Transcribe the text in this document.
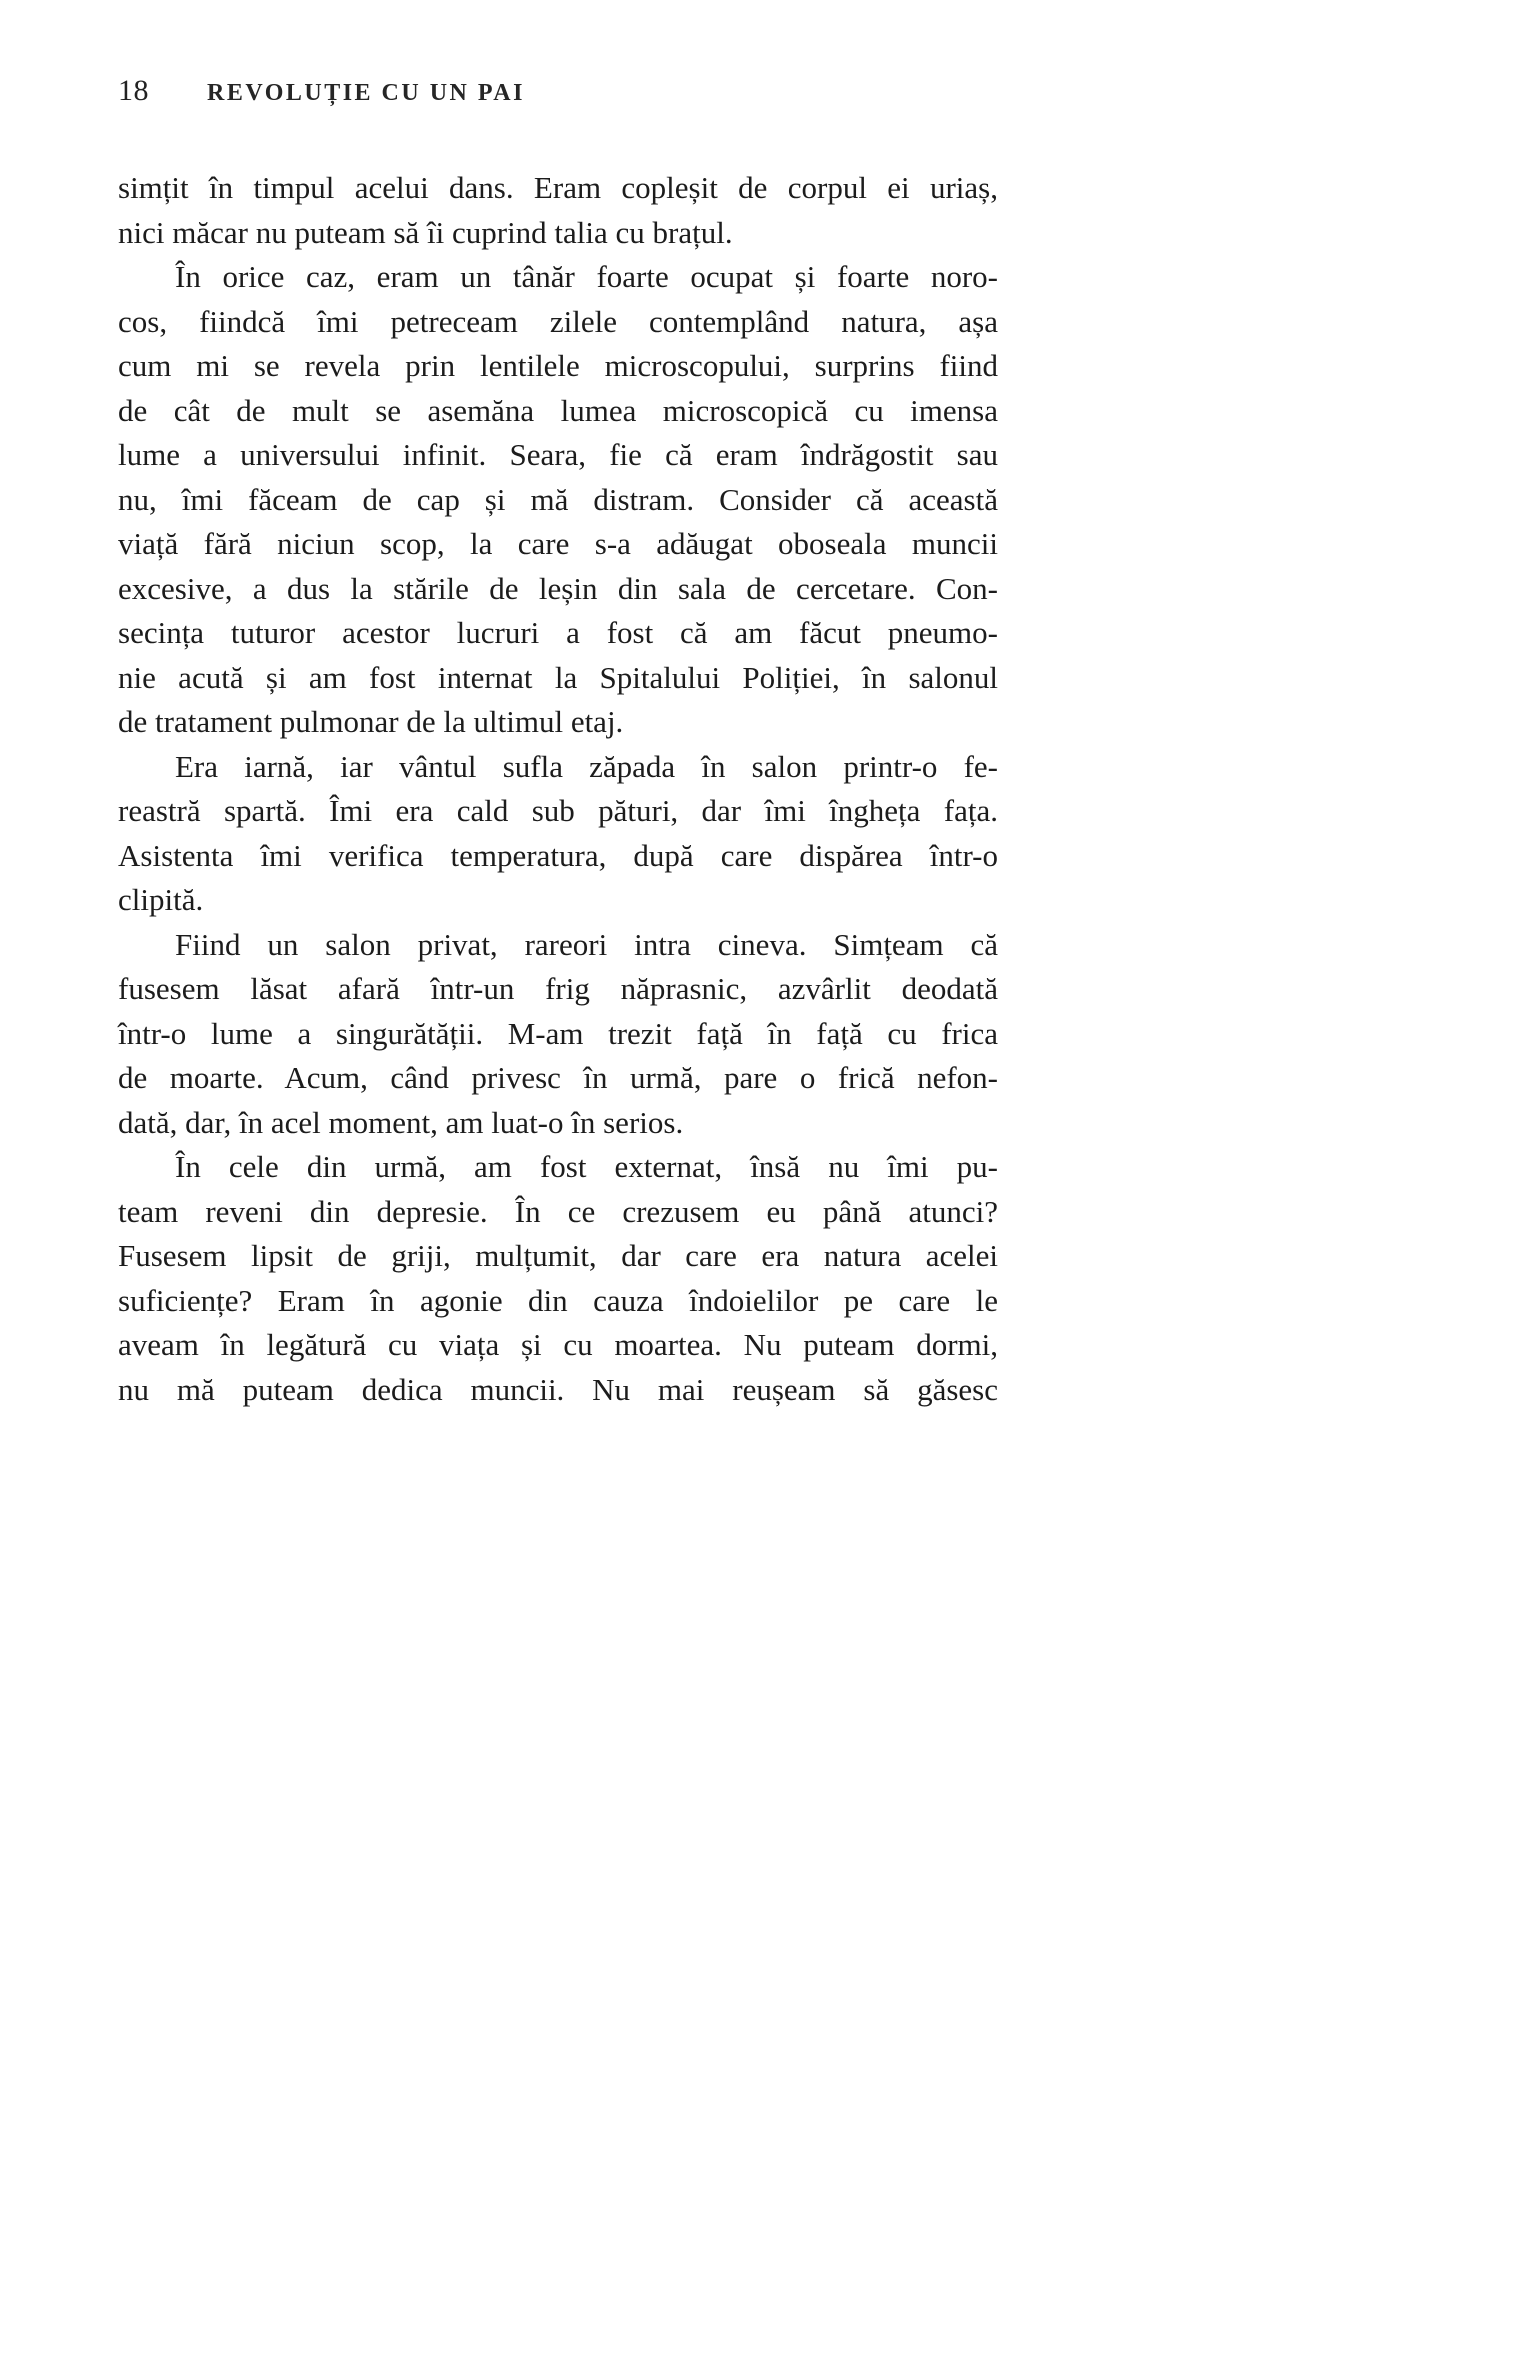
18 REVOLUȚIE CU UN PAI
simțit în timpul acelui dans. Eram copleșit de corpul ei uriaș,
nici măcar nu puteam să îi cuprind talia cu brațul.
În orice caz, eram un tânăr foarte ocupat și foarte noro-
cos, fiindcă îmi petreceam zilele contemplând natura, așa
cum mi se revela prin lentilele microscopului, surprins fiind
de cât de mult se asemăna lumea microscopică cu imensa
lume a universului infinit. Seara, fie că eram îndrăgostit sau
nu, îmi făceam de cap și mă distram. Consider că această
viață fără niciun scop, la care s-a adăugat oboseala muncii
excesive, a dus la stările de leșin din sala de cercetare. Con-
secința tuturor acestor lucruri a fost că am făcut pneumo-
nie acută și am fost internat la Spitalului Poliției, în salonul
de tratament pulmonar de la ultimul etaj.
Era iarnă, iar vântul sufla zăpada în salon printr-o fe-
reastră spartă. Îmi era cald sub pături, dar îmi îngheța fața.
Asistenta îmi verifica temperatura, după care dispărea într-o
clipită.
Fiind un salon privat, rareori intra cineva. Simțeam că
fusesem lăsat afară într-un frig năprasnic, azvârlit deodată
într-o lume a singurătății. M-am trezit față în față cu frica
de moarte. Acum, când privesc în urmă, pare o frică nefon-
dată, dar, în acel moment, am luat-o în serios.
În cele din urmă, am fost externat, însă nu îmi pu-
team reveni din depresie. În ce crezusem eu până atunci?
Fusesem lipsit de griji, mulțumit, dar care era natura acelei
suficiențe? Eram în agonie din cauza îndoielilor pe care le
aveam în legătură cu viața și cu moartea. Nu puteam dormi,
nu mă puteam dedica muncii. Nu mai reușeam să găsesc
